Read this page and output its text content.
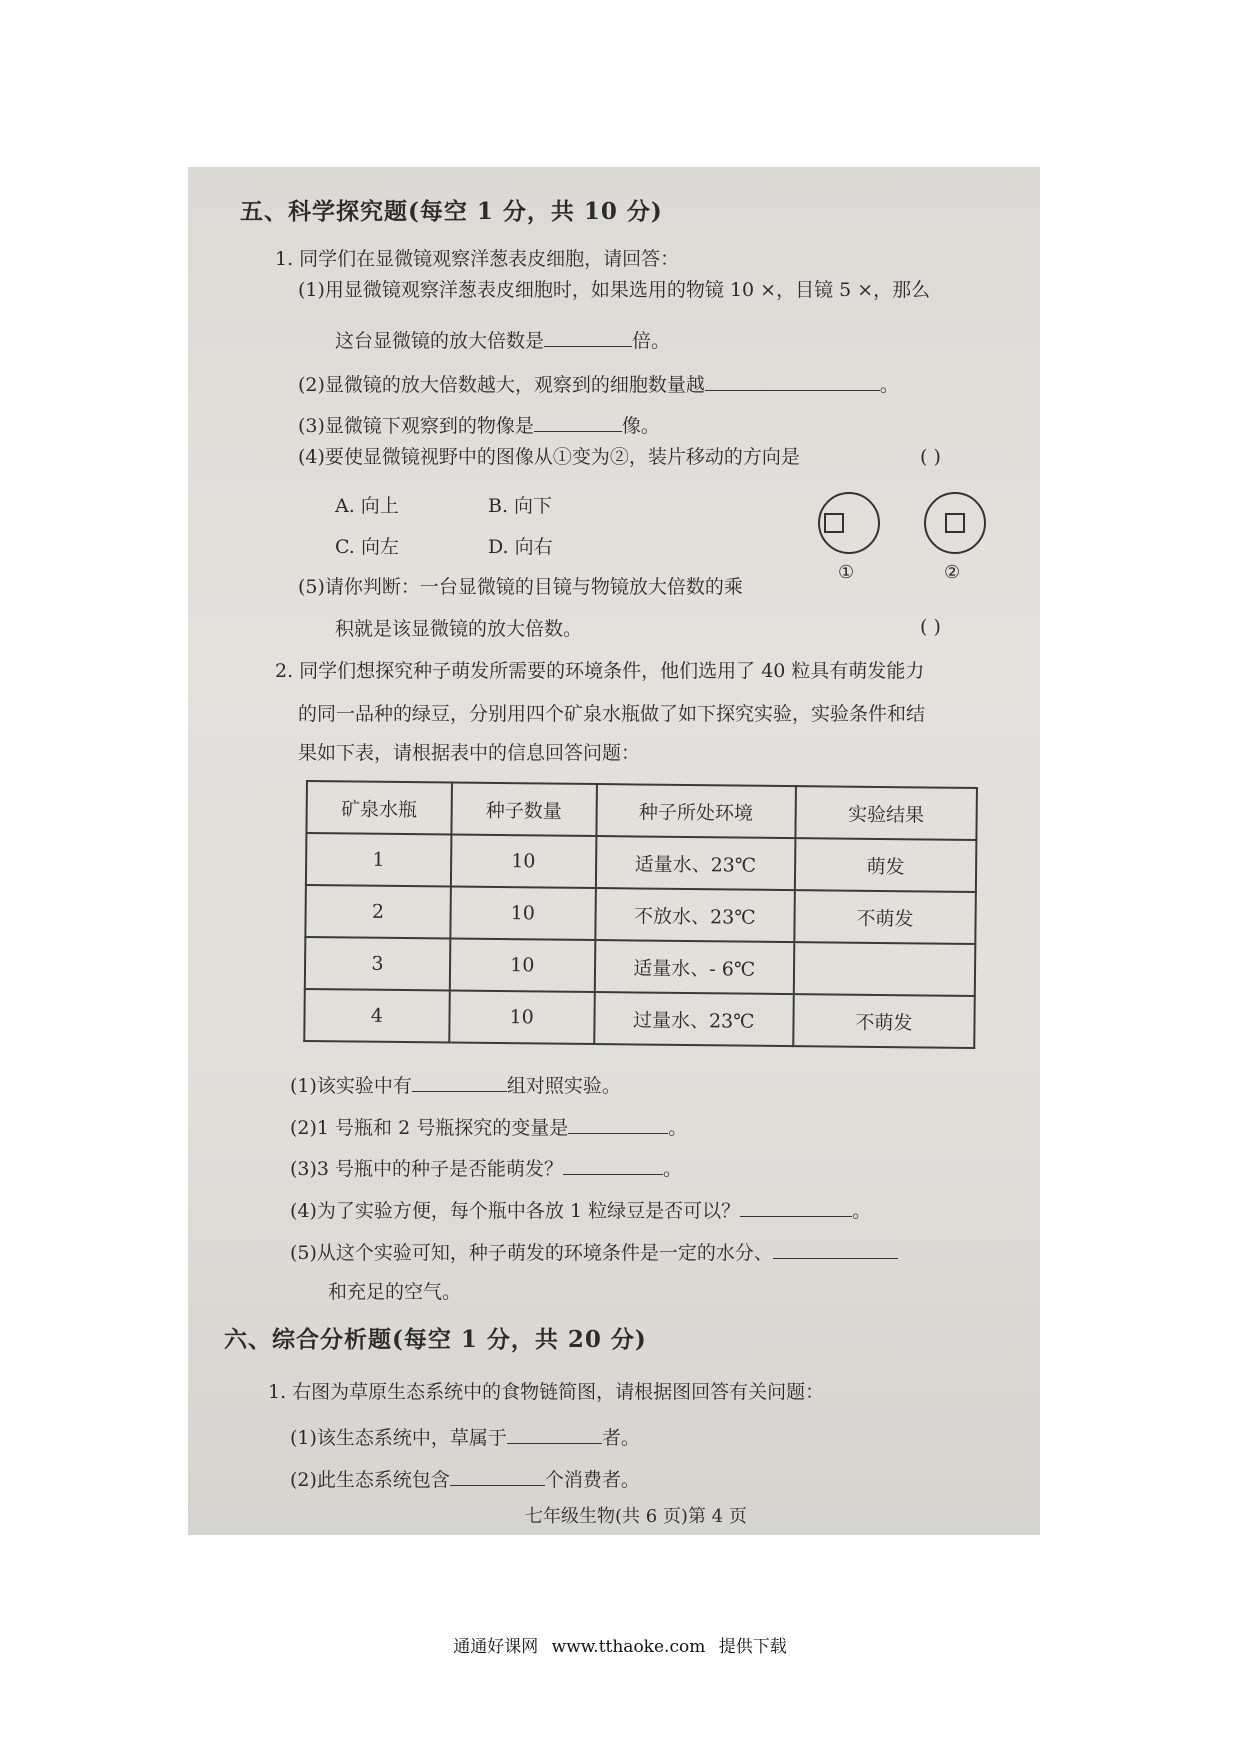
五、科学探究题(每空 1 分，共 10 分)
1. 同学们在显微镜观察洋葱表皮细胞，请回答：
(1)用显微镜观察洋葱表皮细胞时，如果选用的物镜 10 ×，目镜 5 ×，那么
这台显微镜的放大倍数是	倍。
(2)显微镜的放大倍数越大，观察到的细胞数量越	。
(3)显微镜下观察到的物像是	像。
(4)要使显微镜视野中的图像从①变为②，装片移动的方向是	( )
A. 向上	B. 向下
C. 向左	D. 向右
①	②
(5)请你判断：一台显微镜的目镜与物镜放大倍数的乘
积就是该显微镜的放大倍数。	( )
2. 同学们想探究种子萌发所需要的环境条件，他们选用了 40 粒具有萌发能力
的同一品种的绿豆，分别用四个矿泉水瓶做了如下探究实验，实验条件和结
果如下表，请根据表中的信息回答问题：
矿泉水瓶	种子数量	种子所处环境	实验结果
1	10	适量水、23℃	萌发
2	10	不放水、23℃	不萌发
3	10	适量水、- 6℃	
4	10	过量水、23℃	不萌发
(1)该实验中有	组对照实验。
(2)1 号瓶和 2 号瓶探究的变量是	。
(3)3 号瓶中的种子是否能萌发？	。
(4)为了实验方便，每个瓶中各放 1 粒绿豆是否可以？	。
(5)从这个实验可知，种子萌发的环境条件是一定的水分、
和充足的空气。
六、综合分析题(每空 1 分，共 20 分)
1. 右图为草原生态系统中的食物链简图，请根据图回答有关问题：
(1)该生态系统中，草属于	者。
(2)此生态系统包含	个消费者。
七年级生物(共 6 页)第 4 页
通通好课网 www.tthaoke.com 提供下载
